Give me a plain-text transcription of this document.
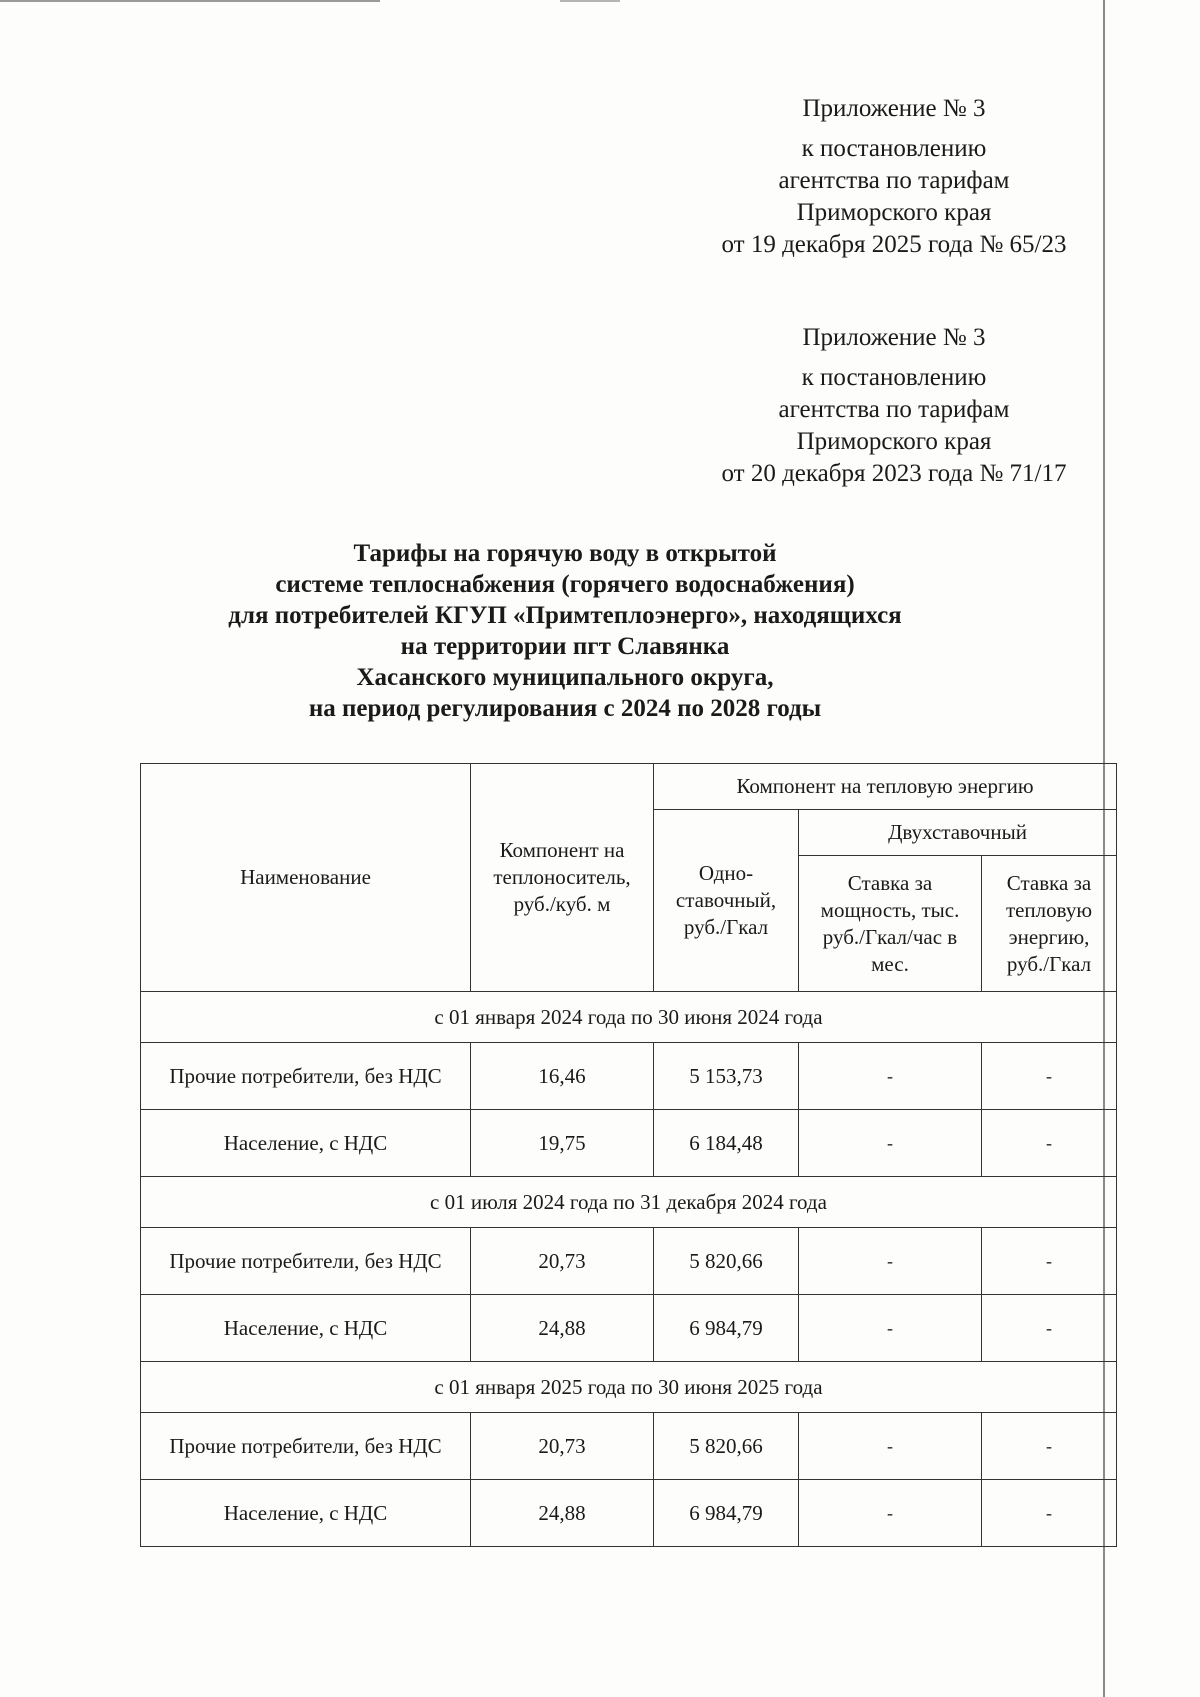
Приложение № 3
к постановлению
агентства по тарифам
Приморского края
от 19 декабря 2025 года № 65/23
Приложение № 3
к постановлению
агентства по тарифам
Приморского края
от 20 декабря 2023 года № 71/17
Тарифы на горячую воду в открытой
системе теплоснабжения (горячего водоснабжения)
для потребителей КГУП «Примтеплоэнерго», находящихся
на территории пгт Славянка
Хасанского муниципального округа,
на период регулирования с 2024 по 2028 годы
Наименование	Компонент на теплоноситель, руб./куб. м	Компонент на тепловую энергию		
		Одно-ставочный, руб./Гкал	Двухставочный	
			Ставка за мощность, тыс. руб./Гкал/час в мес.	Ставка за тепловую энергию, руб./Гкал
с 01 января 2024 года по 30 июня 2024 года				
Прочие потребители, без НДС	16,46	5 153,73	-	-
Население, с НДС	19,75	6 184,48	-	-
с 01 июля 2024 года по 31 декабря 2024 года				
Прочие потребители, без НДС	20,73	5 820,66	-	-
Население, с НДС	24,88	6 984,79	-	-
с 01 января 2025 года по 30 июня 2025 года				
Прочие потребители, без НДС	20,73	5 820,66	-	-
Население, с НДС	24,88	6 984,79	-	-
